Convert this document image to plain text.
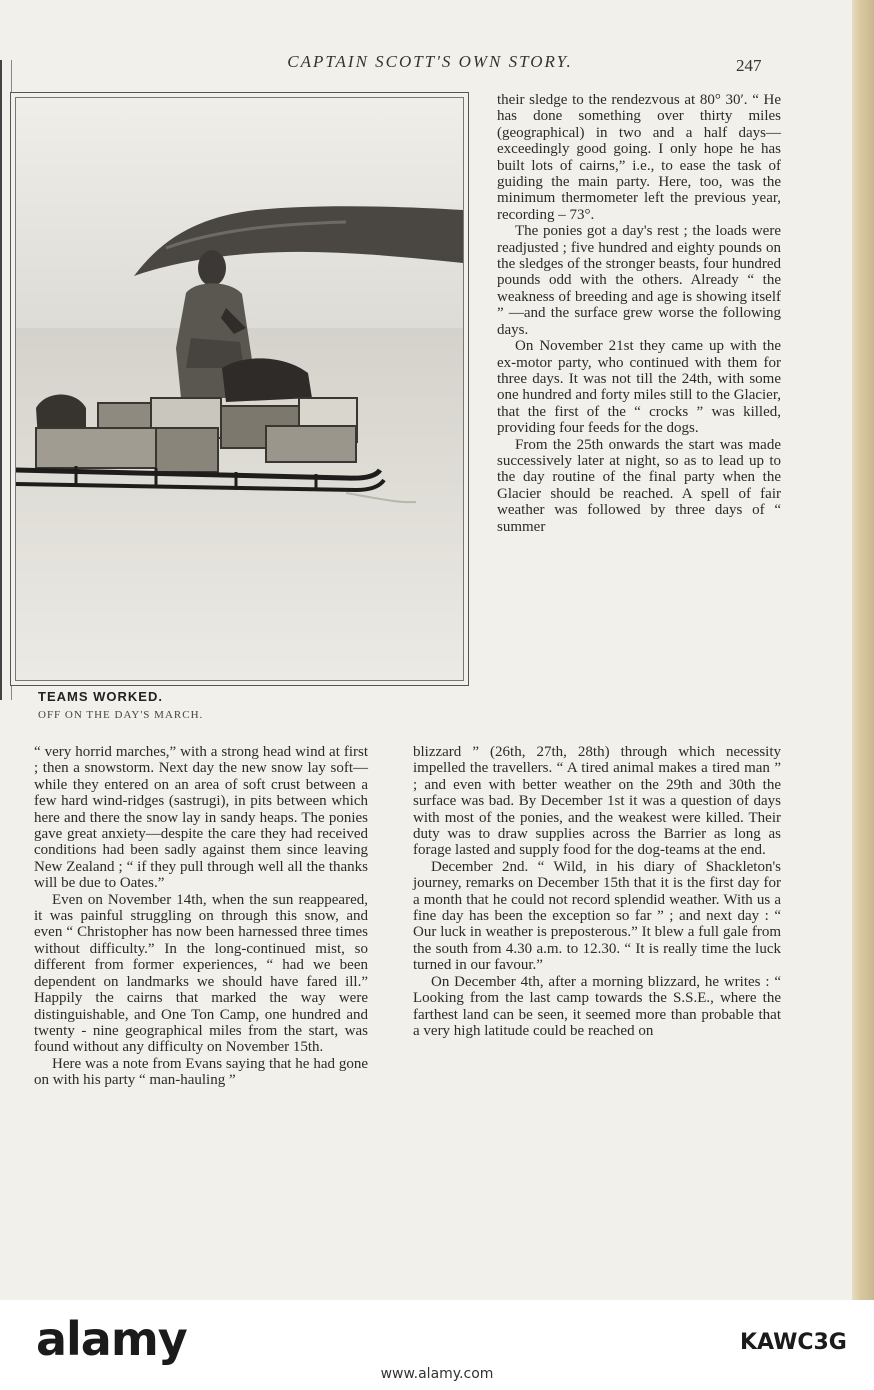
CAPTAIN SCOTT'S OWN STORY.	247
TEAMS WORKED.
OFF ON THE DAY'S MARCH.

their sledge to the rendezvous at 80° 30′. “ He has done something over thirty miles (geographical) in two and a half days—exceedingly good going. I only hope he has built lots of cairns,” i.e., to ease the task of guiding the main party. Here, too, was the minimum thermometer left the previous year, recording – 73°.

The ponies got a day's rest ; the loads were readjusted ; five hundred and eighty pounds on the sledges of the stronger beasts, four hundred pounds odd with the others. Already “ the weakness of breeding and age is showing itself ” —and the surface grew worse the following days.

On November 21st they came up with the ex-motor party, who continued with them for three days. It was not till the 24th, with some one hundred and forty miles still to the Glacier, that the first of the “ crocks ” was killed, providing four feeds for the dogs.

From the 25th onwards the start was made successively later at night, so as to lead up to the day routine of the final party when the Glacier should be reached. A spell of fair weather was followed by three days of “ summer

“ very horrid marches,” with a strong head wind at first ; then a snowstorm. Next day the new snow lay soft—while they entered on an area of soft crust between a few hard wind-ridges (sastrugi), in pits between which here and there the snow lay in sandy heaps. The ponies gave great anxiety—despite the care they had received conditions had been sadly against them since leaving New Zealand ; “ if they pull through well all the thanks will be due to Oates.”

Even on November 14th, when the sun reappeared, it was painful struggling on through this snow, and even “ Christopher has now been harnessed three times without difficulty.” In the long-continued mist, so different from former experiences, “ had we been dependent on landmarks we should have fared ill.” Happily the cairns that marked the way were distinguishable, and One Ton Camp, one hundred and twenty - nine geographical miles from the start, was found without any difficulty on November 15th.

Here was a note from Evans saying that he had gone on with his party “ man-hauling ”

blizzard ” (26th, 27th, 28th) through which necessity impelled the travellers. “ A tired animal makes a tired man ” ; and even with better weather on the 29th and 30th the surface was bad. By December 1st it was a question of days with most of the ponies, and the weakest were killed. Their duty was to draw supplies across the Barrier as long as forage lasted and supply food for the dog-teams at the end.

December 2nd. “ Wild, in his diary of Shackleton's journey, remarks on December 15th that it is the first day for a month that he could not record splendid weather. With us a fine day has been the exception so far ” ; and next day : “ Our luck in weather is preposterous.” It blew a full gale from the south from 4.30 a.m. to 12.30. “ It is really time the luck turned in our favour.”

On December 4th, after a morning blizzard, he writes : “ Looking from the last camp towards the S.S.E., where the farthest land can be seen, it seemed more than probable that a very high latitude could be reached on

alamy	KAWC3G
www.alamy.com
